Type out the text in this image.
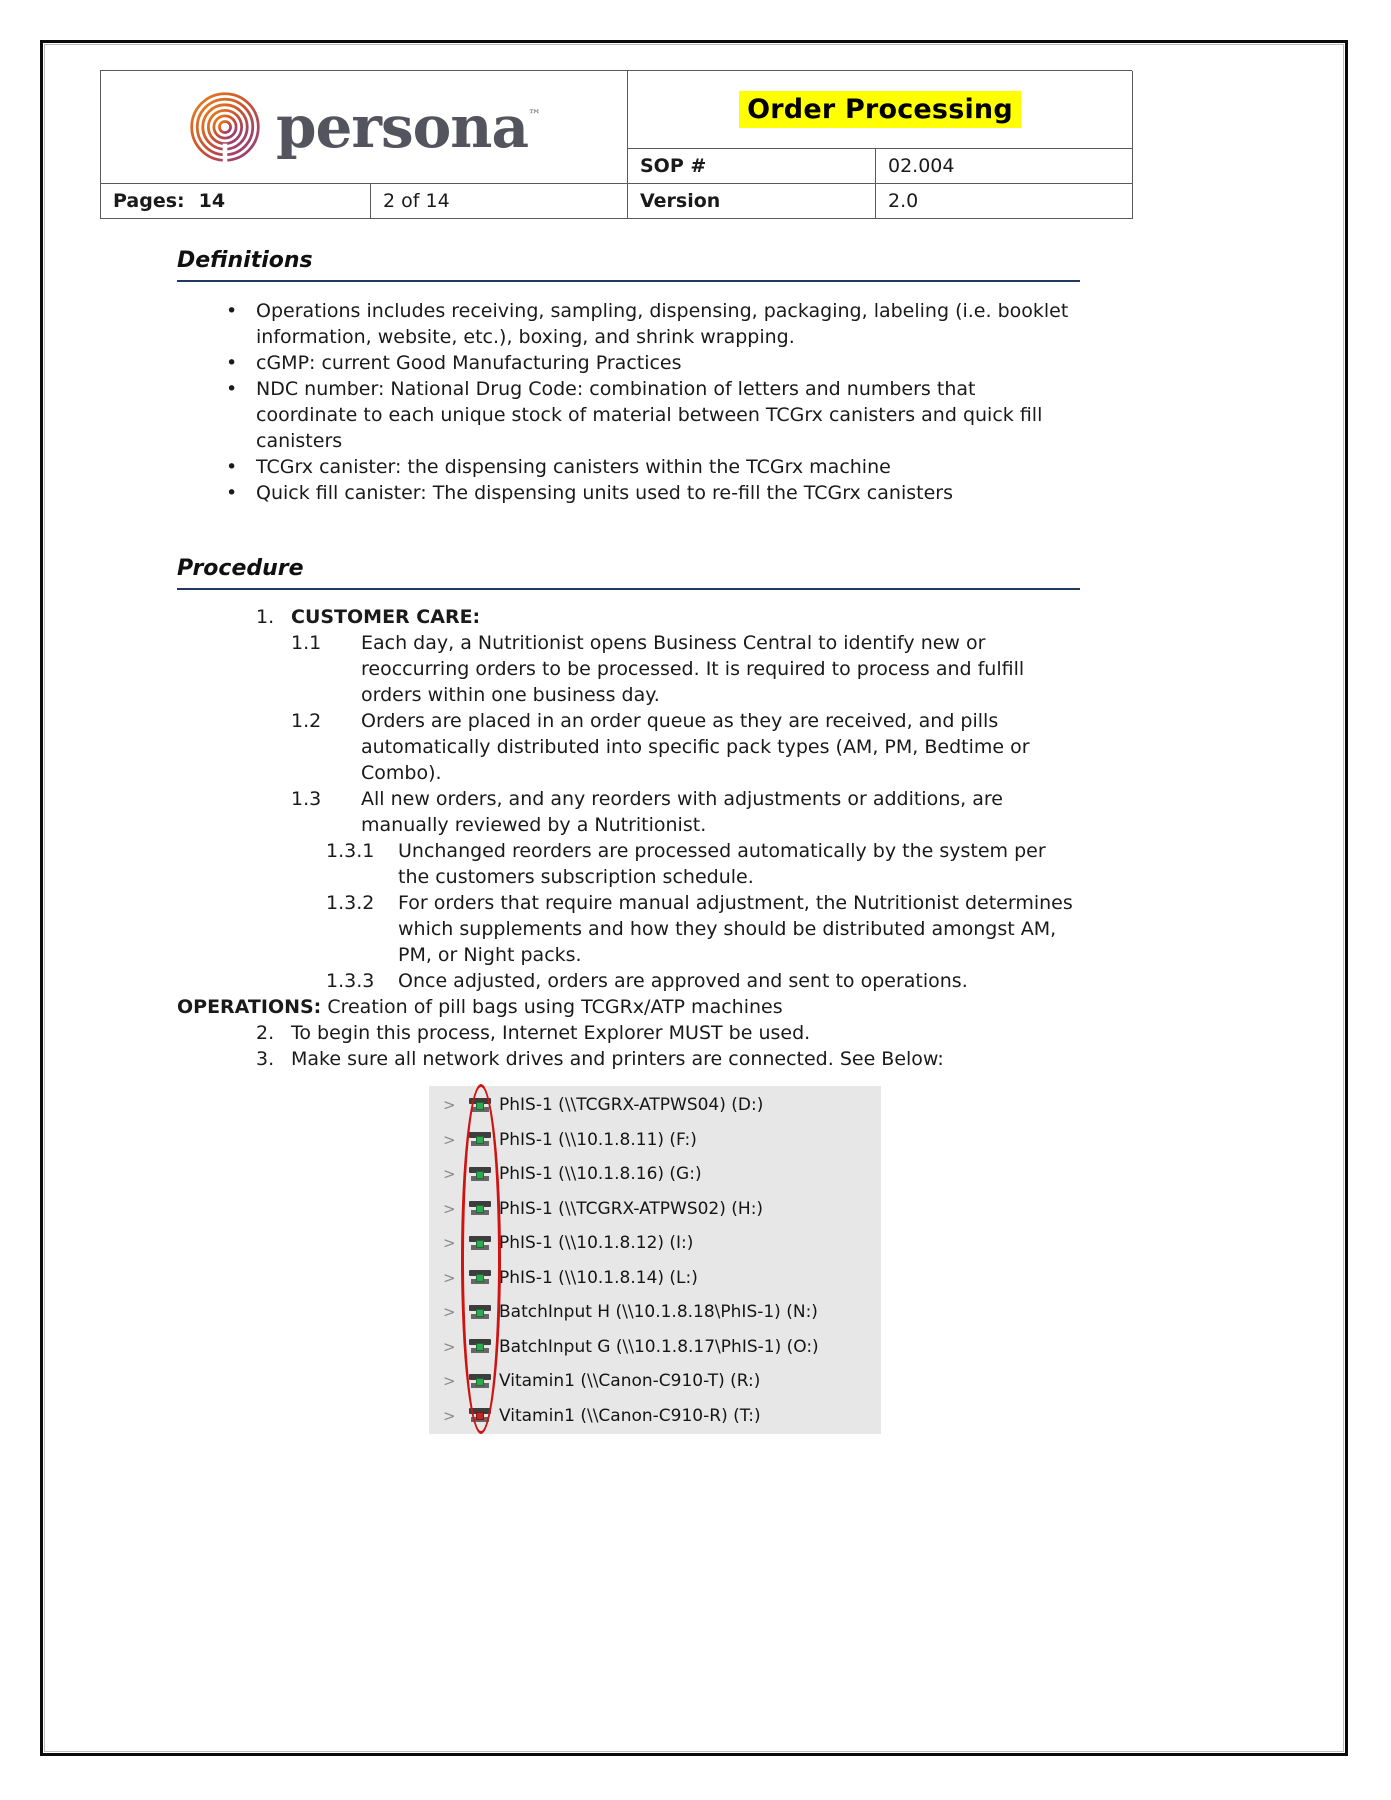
persona™	Order Processing
SOP #	02.004
Pages: 14	2 of 14	Version	2.0
Definitions
•
Operations includes receiving, sampling, dispensing, packaging, labeling (i.e. booklet information, website, etc.), boxing, and shrink wrapping.
•
cGMP: current Good Manufacturing Practices
•
NDC number: National Drug Code: combination of letters and numbers that coordinate to each unique stock of material between TCGrx canisters and quick fill canisters
•
TCGrx canister: the dispensing canisters within the TCGrx machine
•
Quick fill canister: The dispensing units used to re-fill the TCGrx canisters
Procedure
1. CUSTOMER CARE:
1.1	Each day, a Nutritionist opens Business Central to identify new or reoccurring orders to be processed. It is required to process and fulfill orders within one business day.
1.2	Orders are placed in an order queue as they are received, and pills automatically distributed into specific pack types (AM, PM, Bedtime or Combo).
1.3	All new orders, and any reorders with adjustments or additions, are manually reviewed by a Nutritionist.
1.3.1	Unchanged reorders are processed automatically by the system per the customers subscription schedule.
1.3.2	For orders that require manual adjustment, the Nutritionist determines which supplements and how they should be distributed amongst AM, PM, or Night packs.
1.3.3	Once adjusted, orders are approved and sent to operations.
OPERATIONS: Creation of pill bags using TCGRx/ATP machines
2. To begin this process, Internet Explorer MUST be used.
3. Make sure all network drives and printers are connected. See Below:
>	PhIS-1 (\\TCGRX-ATPWS04) (D:)
>	PhIS-1 (\\10.1.8.11) (F:)
>	PhIS-1 (\\10.1.8.16) (G:)
>	PhIS-1 (\\TCGRX-ATPWS02) (H:)
>	PhIS-1 (\\10.1.8.12) (I:)
>	PhIS-1 (\\10.1.8.14) (L:)
>	BatchInput H (\\10.1.8.18\PhIS-1) (N:)
>	BatchInput G (\\10.1.8.17\PhIS-1) (O:)
>	Vitamin1 (\\Canon-C910-T) (R:)
>	Vitamin1 (\\Canon-C910-R) (T:)
